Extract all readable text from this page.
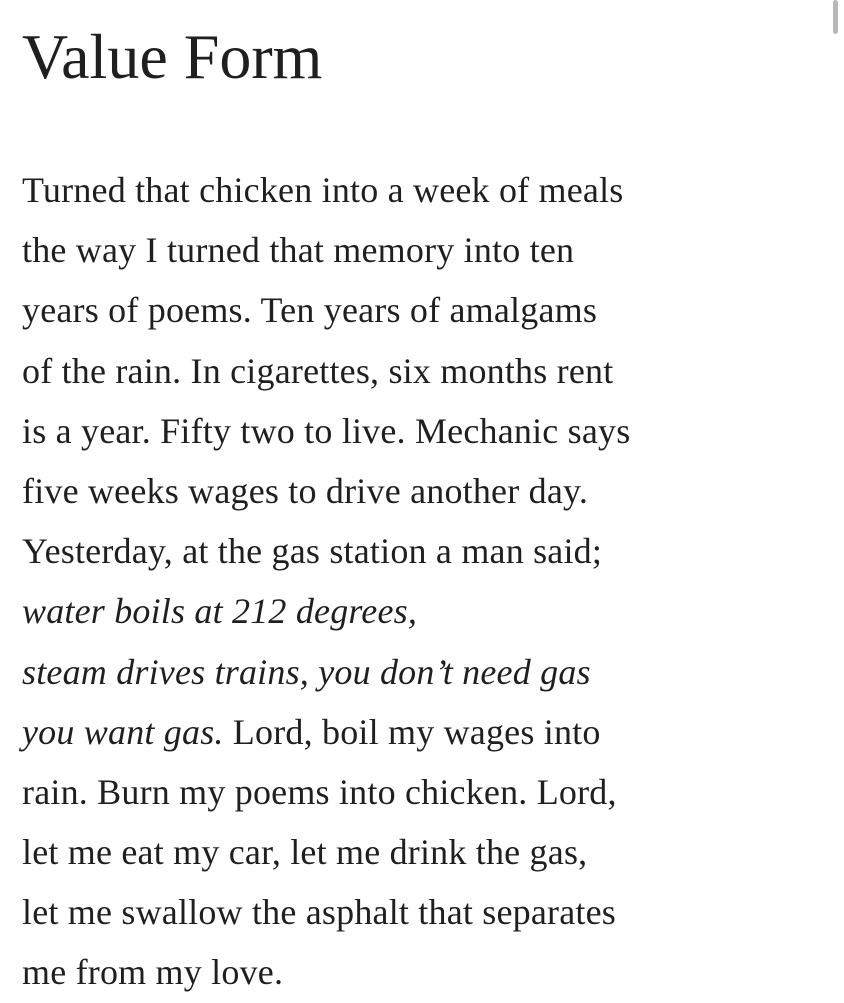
Value Form
Turned that chicken into a week of meals
the way I turned that memory into ten
years of poems. Ten years of amalgams
of the rain. In cigarettes, six months rent
is a year. Fifty two to live. Mechanic says
five weeks wages to drive another day.
Yesterday, at the gas station a man said;
water boils at 212 degrees,
steam drives trains, you don’t need gas
you want gas. Lord, boil my wages into
rain. Burn my poems into chicken. Lord,
let me eat my car, let me drink the gas,
let me swallow the asphalt that separates
me from my love.
